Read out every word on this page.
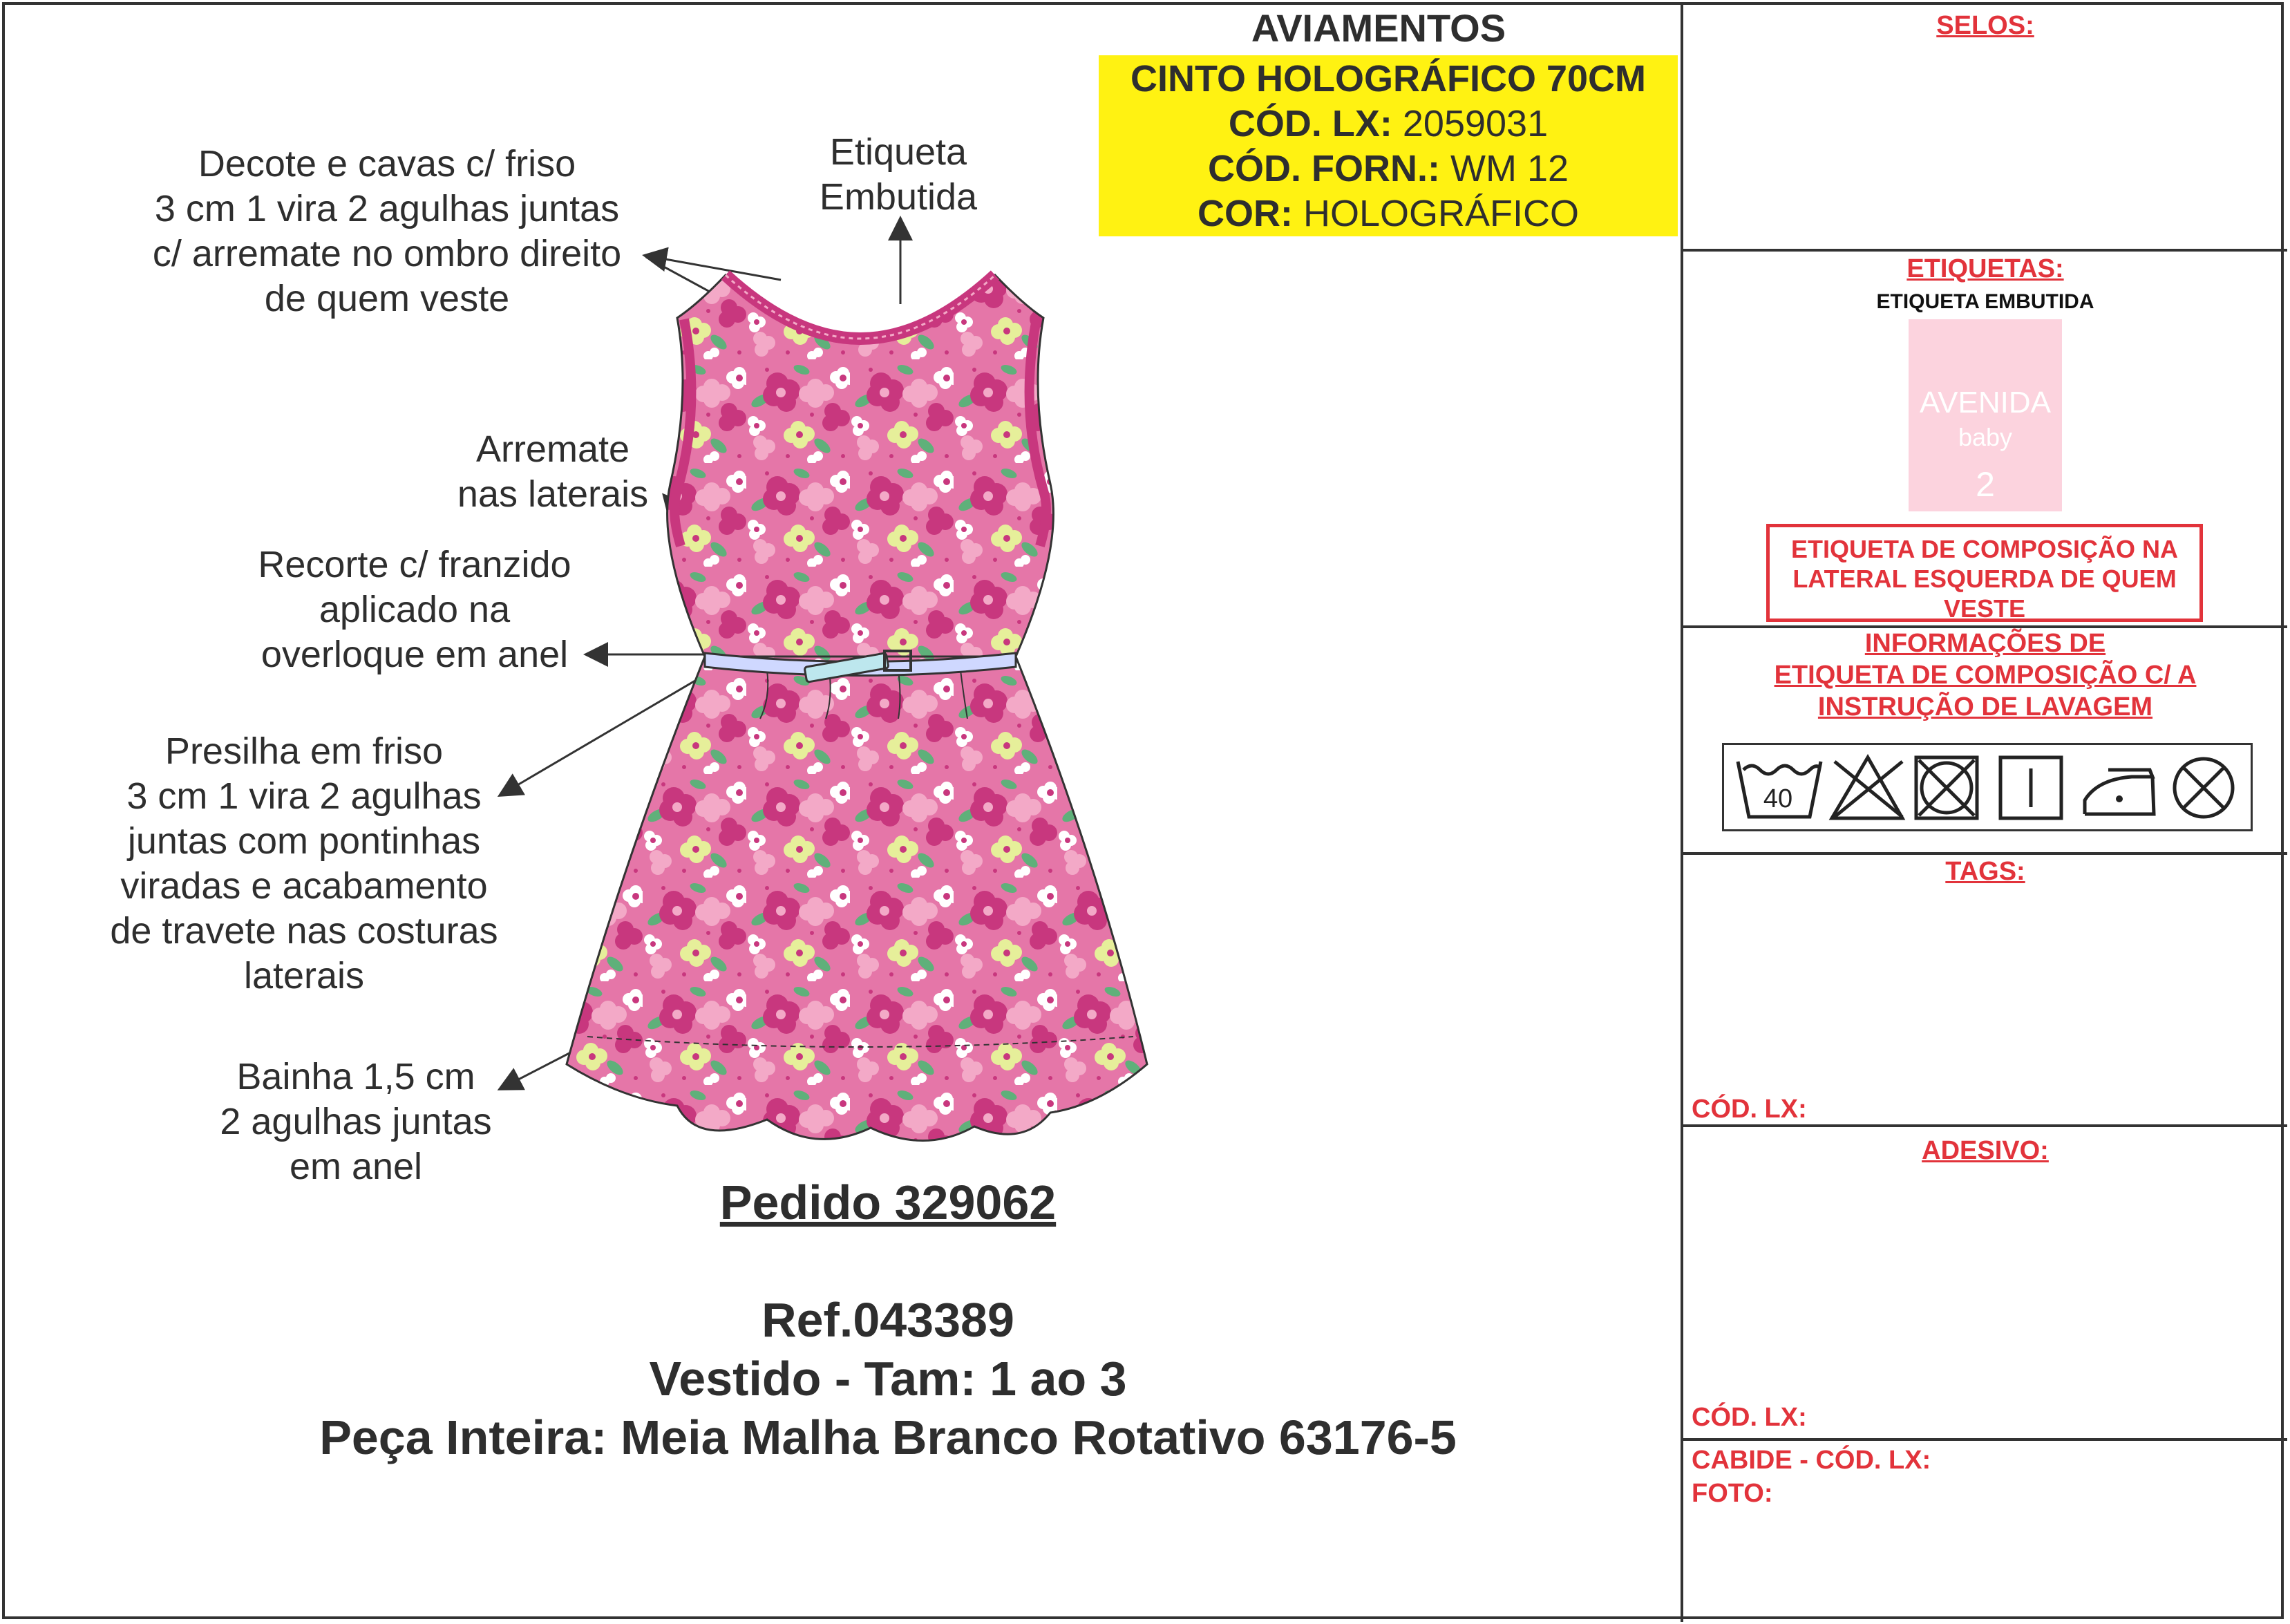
AVIAMENTOS
CINTO HOLOGRÁFICO 70CM
CÓD. LX: 2059031
CÓD. FORN.: WM 12
COR: HOLOGRÁFICO
Decote e cavas c/ friso
3 cm 1 vira 2 agulhas juntas
c/ arremate no ombro direito
de quem veste
Etiqueta
Embutida
Arremate
nas laterais
Recorte c/ franzido
aplicado na
overloque em anel
Presilha em friso
3 cm 1 vira 2 agulhas
juntas com pontinhas
viradas e acabamento
de travete nas costuras
laterais
Bainha 1,5 cm
2 agulhas juntas
em anel
Pedido 329062
Ref.043389
Vestido - Tam: 1 ao 3
Peça Inteira: Meia Malha Branco Rotativo 63176-5
SELOS:
ETIQUETAS:
ETIQUETA EMBUTIDA
AVENIDA
baby
2
ETIQUETA DE COMPOSIÇÃO NA
LATERAL ESQUERDA DE QUEM
VESTE
INFORMAÇÕES DE
ETIQUETA DE COMPOSIÇÃO C/ A
INSTRUÇÃO DE LAVAGEM
40
TAGS:
CÓD. LX:
ADESIVO:
CÓD. LX:
CABIDE - CÓD. LX:
FOTO:
